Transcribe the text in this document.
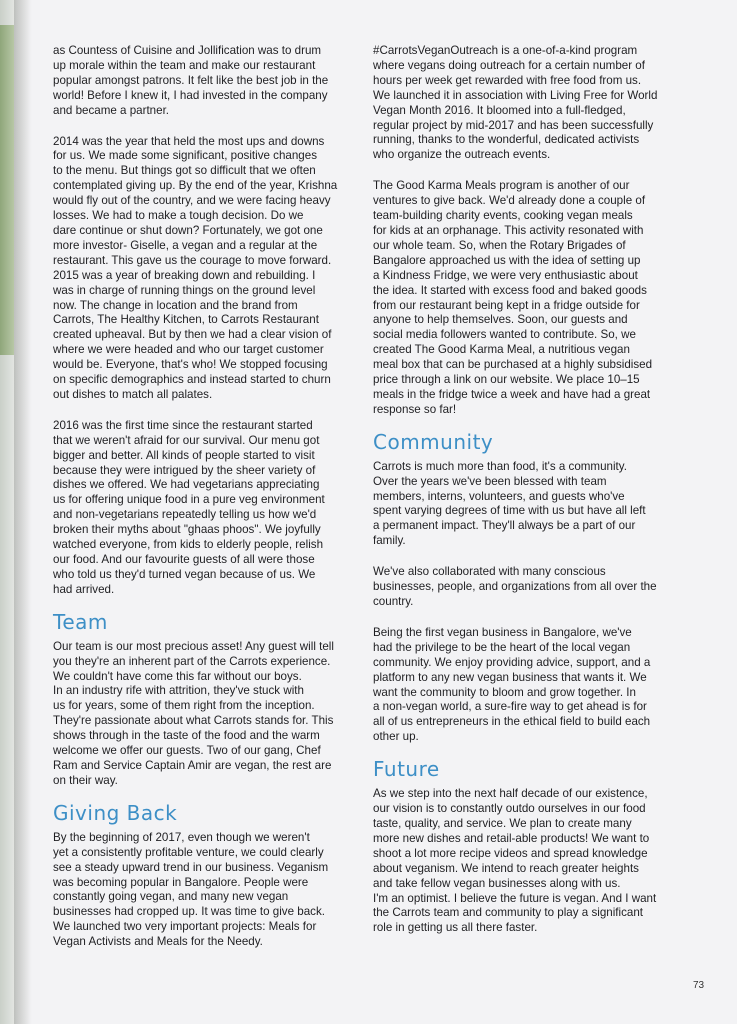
as Countess of Cuisine and Jollification was to drum
up morale within the team and make our restaurant
popular amongst patrons. It felt like the best job in the
world! Before I knew it, I had invested in the company
and became a partner.

2014 was the year that held the most ups and downs
for us. We made some significant, positive changes
to the menu. But things got so difficult that we often
contemplated giving up. By the end of the year, Krishna
would fly out of the country, and we were facing heavy
losses. We had to make a tough decision. Do we
dare continue or shut down? Fortunately, we got one
more investor- Giselle, a vegan and a regular at the
restaurant. This gave us the courage to move forward.
2015 was a year of breaking down and rebuilding. I
was in charge of running things on the ground level
now. The change in location and the brand from
Carrots, The Healthy Kitchen, to Carrots Restaurant
created upheaval. But by then we had a clear vision of
where we were headed and who our target customer
would be. Everyone, that's who! We stopped focusing
on specific demographics and instead started to churn
out dishes to match all palates.

2016 was the first time since the restaurant started
that we weren't afraid for our survival. Our menu got
bigger and better. All kinds of people started to visit
because they were intrigued by the sheer variety of
dishes we offered. We had vegetarians appreciating
us for offering unique food in a pure veg environment
and non-vegetarians repeatedly telling us how we'd
broken their myths about "ghaas phoos". We joyfully
watched everyone, from kids to elderly people, relish
our food. And our favourite guests of all were those
who told us they'd turned vegan because of us. We
had arrived.

Team

Our team is our most precious asset! Any guest will tell
you they're an inherent part of the Carrots experience.
We couldn't have come this far without our boys.
In an industry rife with attrition, they've stuck with
us for years, some of them right from the inception.
They're passionate about what Carrots stands for. This
shows through in the taste of the food and the warm
welcome we offer our guests. Two of our gang, Chef
Ram and Service Captain Amir are vegan, the rest are
on their way.

Giving Back

By the beginning of 2017, even though we weren't
yet a consistently profitable venture, we could clearly
see a steady upward trend in our business. Veganism
was becoming popular in Bangalore. People were
constantly going vegan, and many new vegan
businesses had cropped up. It was time to give back.
We launched two very important projects: Meals for
Vegan Activists and Meals for the Needy.

#CarrotsVeganOutreach is a one-of-a-kind program
where vegans doing outreach for a certain number of
hours per week get rewarded with free food from us.
We launched it in association with Living Free for World
Vegan Month 2016. It bloomed into a full-fledged,
regular project by mid-2017 and has been successfully
running, thanks to the wonderful, dedicated activists
who organize the outreach events.

The Good Karma Meals program is another of our
ventures to give back. We'd already done a couple of
team-building charity events, cooking vegan meals
for kids at an orphanage. This activity resonated with
our whole team. So, when the Rotary Brigades of
Bangalore approached us with the idea of setting up
a Kindness Fridge, we were very enthusiastic about
the idea. It started with excess food and baked goods
from our restaurant being kept in a fridge outside for
anyone to help themselves. Soon, our guests and
social media followers wanted to contribute. So, we
created The Good Karma Meal, a nutritious vegan
meal box that can be purchased at a highly subsidised
price through a link on our website. We place 10–15
meals in the fridge twice a week and have had a great
response so far!

Community

Carrots is much more than food, it's a community.
Over the years we've been blessed with team
members, interns, volunteers, and guests who've
spent varying degrees of time with us but have all left
a permanent impact. They'll always be a part of our
family.

We've also collaborated with many conscious
businesses, people, and organizations from all over the
country.

Being the first vegan business in Bangalore, we've
had the privilege to be the heart of the local vegan
community. We enjoy providing advice, support, and a
platform to any new vegan business that wants it. We
want the community to bloom and grow together. In
a non-vegan world, a sure-fire way to get ahead is for
all of us entrepreneurs in the ethical field to build each
other up.

Future

As we step into the next half decade of our existence,
our vision is to constantly outdo ourselves in our food
taste, quality, and service. We plan to create many
more new dishes and retail-able products! We want to
shoot a lot more recipe videos and spread knowledge
about veganism. We intend to reach greater heights
and take fellow vegan businesses along with us.
I'm an optimist. I believe the future is vegan. And I want
the Carrots team and community to play a significant
role in getting us all there faster.

73
